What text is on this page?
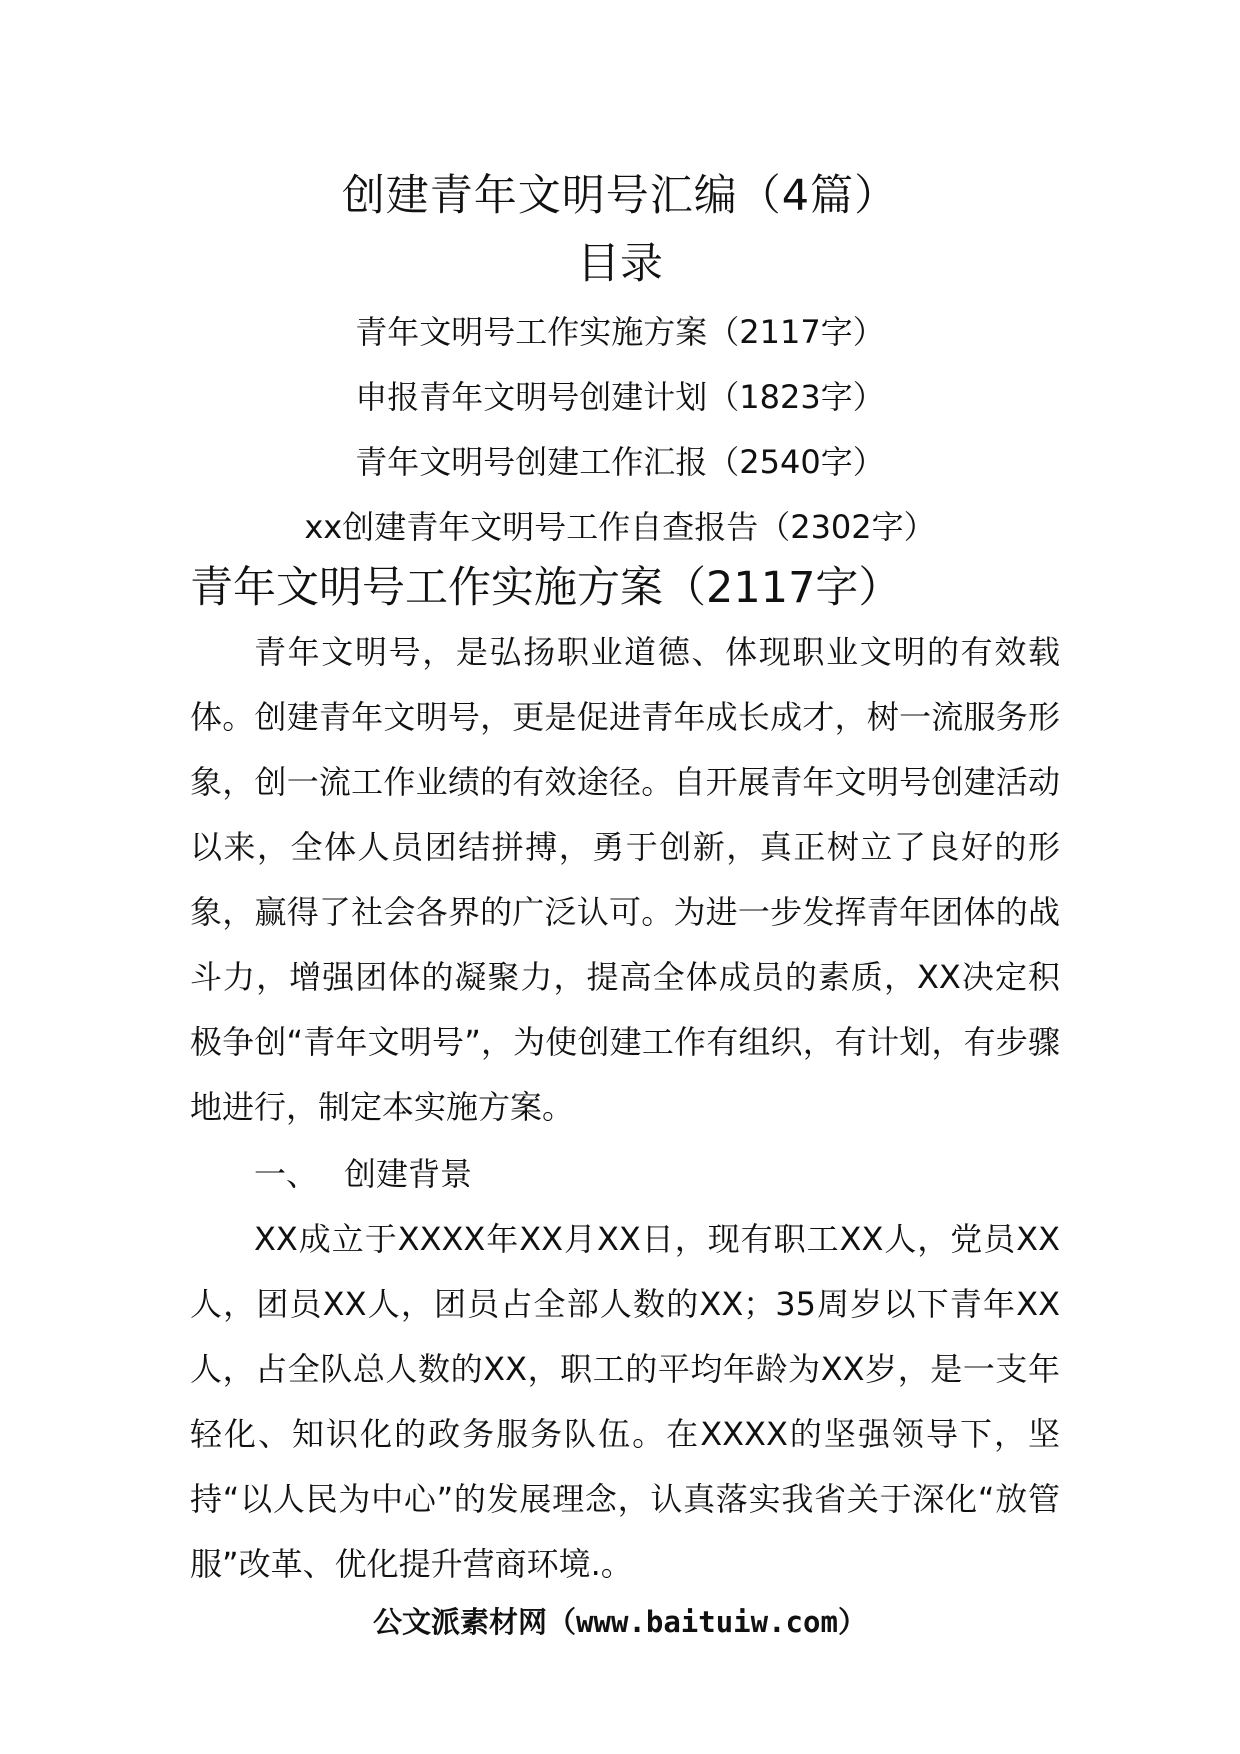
创建青年文明号汇编（4篇）
目录
青年文明号工作实施方案（2117字）
申报青年文明号创建计划（1823字）
青年文明号创建工作汇报（2540字）
xx创建青年文明号工作自查报告（2302字）
青年文明号工作实施方案（2117字）

青年文明号，是弘扬职业道德、体现职业文明的有效载体。创建青年文明号，更是促进青年成长成才，树一流服务形象，创一流工作业绩的有效途径。自开展青年文明号创建活动以来，全体人员团结拼搏，勇于创新，真正树立了良好的形象，赢得了社会各界的广泛认可。为进一步发挥青年团体的战斗力，增强团体的凝聚力，提高全体成员的素质，XX决定积极争创“青年文明号”，为使创建工作有组织，有计划，有步骤地进行，制定本实施方案。

一、 创建背景

XX成立于XXXX年XX月XX日，现有职工XX人，党员XX人，团员XX人，团员占全部人数的XX；35周岁以下青年XX人，占全队总人数的XX，职工的平均年龄为XX岁，是一支年轻化、知识化的政务服务队伍。在XXXX的坚强领导下，坚持“以人民为中心”的发展理念，认真落实我省关于深化“放管服”改革、优化提升营商环境.。

公文派素材网（www.baituiw.com）
